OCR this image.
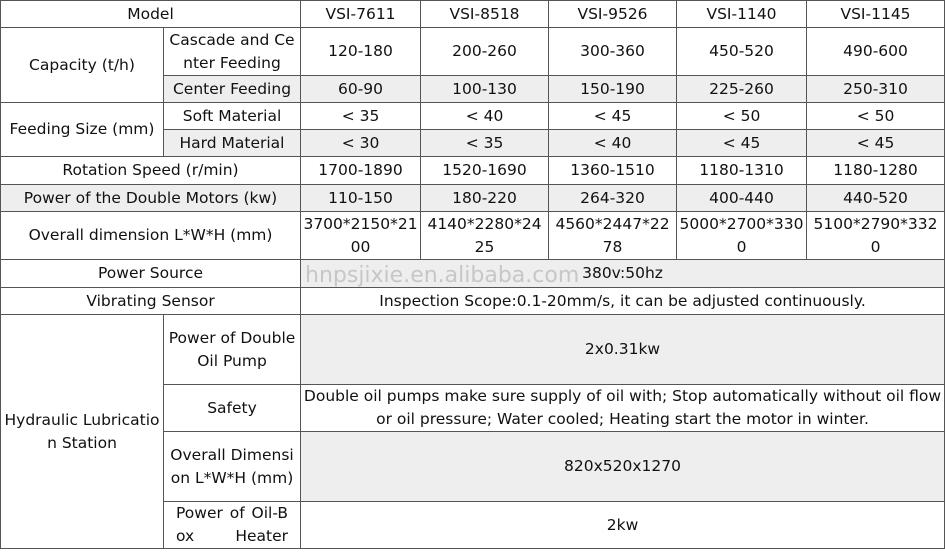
Model		VSI-7611	VSI-8518	VSI-9526	VSI-1140	VSI-1145
Capacity (t/h)	Cascade and Center Feeding	120-180	200-260	300-360	450-520	490-600
	Center Feeding	60-90	100-130	150-190	225-260	250-310
Feeding Size (mm)	Soft Material	< 35	< 40	< 45	< 50	< 50
	Hard Material	< 30	< 35	< 40	< 45	< 45
Rotation Speed (r/min)		1700-1890	1520-1690	1360-1510	1180-1310	1180-1280
Power of the Double Motors (kw)		110-150	180-220	264-320	400-440	440-520
Overall dimension L*W*H (mm)		3700*2150*2100	4140*2280*2425	4560*2447*2278	5000*2700*3300	5100*2790*3320
Power Source		380v:50hz				
Vibrating Sensor		Inspection Scope:0.1-20mm/s, it can be adjusted continuously.				
Hydraulic Lubrication Station	Power of Double Oil Pump	2x0.31kw				
	Safety	Double oil pumps make sure supply of oil with; Stop automatically without oil flow or oil pressure; Water cooled; Heating start the motor in winter.				
	Overall Dimension L*W*H (mm)	820x520x1270				
	Power of Oil-Box Heater	2kw				
hnpsjixie.en.alibaba.com
